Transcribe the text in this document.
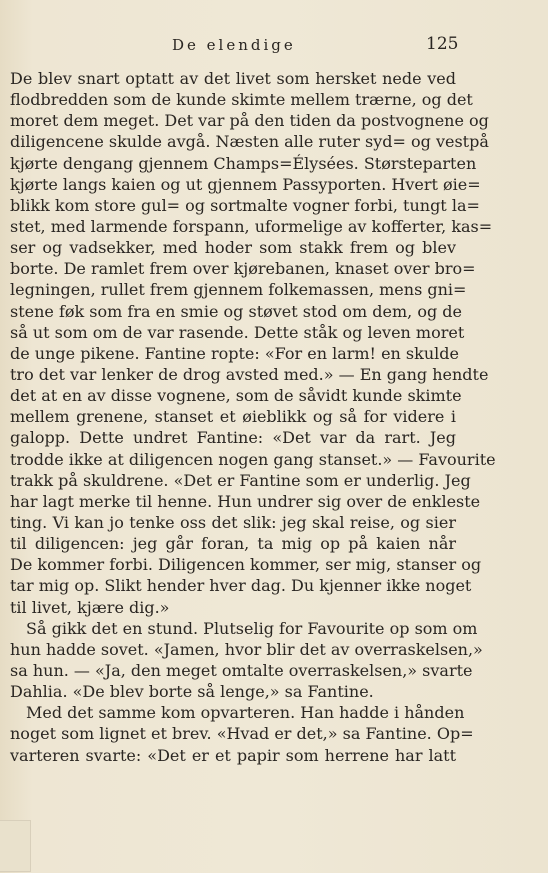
De elendige	125
De blev snart optatt av det livet som hersket nede ved
flodbredden som de kunde skimte mellem trærne, og det
moret dem meget. Det var på den tiden da postvognene og
diligencene skulde avgå. Næsten alle ruter syd= og vestpå
kjørte dengang gjennem Champs=Élysées. Størsteparten
kjørte langs kaien og ut gjennem Passyporten. Hvert øie=
blikk kom store gul= og sortmalte vogner forbi, tungt la=
stet, med larmende forspann, uformelige av kofferter, kas=
ser og vadsekker, med hoder som stakk frem og blev
borte. De ramlet frem over kjørebanen, knaset over bro=
legningen, rullet frem gjennem folkemassen, mens gni=
stene føk som fra en smie og støvet stod om dem, og de
så ut som om de var rasende. Dette ståk og leven moret
de unge pikene. Fantine ropte: «For en larm! en skulde
tro det var lenker de drog avsted med.» — En gang hendte
det at en av disse vognene, som de såvidt kunde skimte
mellem grenene, stanset et øieblikk og så for videre i
galopp. Dette undret Fantine: «Det var da rart. Jeg
trodde ikke at diligencen nogen gang stanset.» — Favourite
trakk på skuldrene. «Det er Fantine som er underlig. Jeg
har lagt merke til henne. Hun undrer sig over de enkleste
ting. Vi kan jo tenke oss det slik: jeg skal reise, og sier
til diligencen: jeg går foran, ta mig op på kaien når
De kommer forbi. Diligencen kommer, ser mig, stanser og
tar mig op. Slikt hender hver dag. Du kjenner ikke noget
til livet, kjære dig.»
Så gikk det en stund. Plutselig for Favourite op som om
hun hadde sovet. «Jamen, hvor blir det av overraskelsen,»
sa hun. — «Ja, den meget omtalte overraskelsen,» svarte
Dahlia. «De blev borte så lenge,» sa Fantine.
Med det samme kom opvarteren. Han hadde i hånden
noget som lignet et brev. «Hvad er det,» sa Fantine. Op=
varteren svarte: «Det er et papir som herrene har latt
